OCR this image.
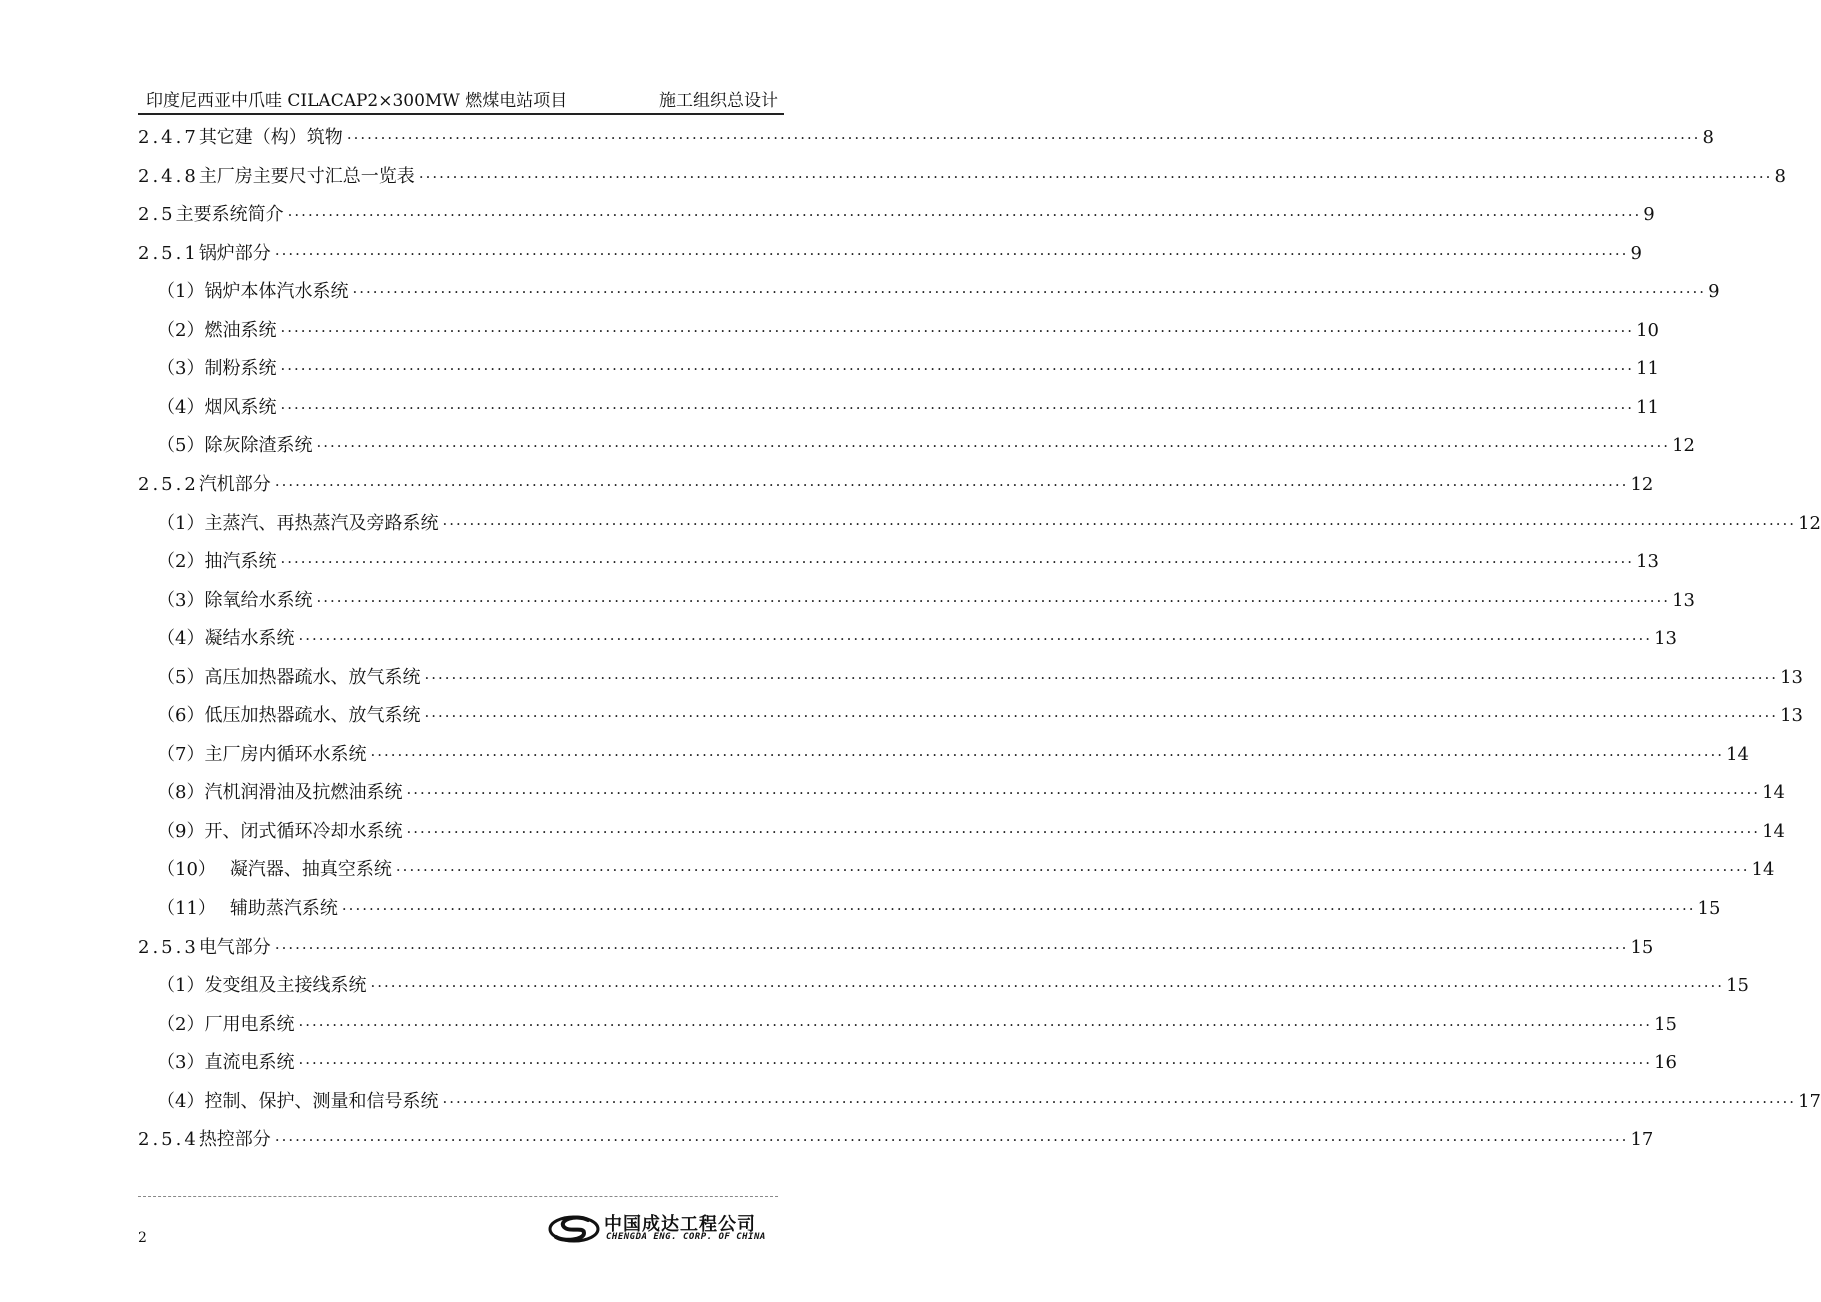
印度尼西亚中爪哇 CILACAP2×300MW 燃煤电站项目	施工组织总设计
2.4.7 其它建（构）筑物 ········································································································································································································ 8
2.4.8 主厂房主要尺寸汇总一览表 ········································································································································································································ 8
2.5 主要系统简介 ········································································································································································································ 9
2.5.1 锅炉部分 ········································································································································································································ 9
（1） 锅炉本体汽水系统 ········································································································································································································ 9
（2） 燃油系统 ········································································································································································································ 10
（3） 制粉系统 ········································································································································································································ 11
（4） 烟风系统 ········································································································································································································ 11
（5） 除灰除渣系统 ········································································································································································································ 12
2.5.2 汽机部分 ········································································································································································································ 12
（1） 主蒸汽、再热蒸汽及旁路系统 ········································································································································································································ 12
（2） 抽汽系统 ········································································································································································································ 13
（3） 除氧给水系统 ········································································································································································································ 13
（4） 凝结水系统 ········································································································································································································ 13
（5） 高压加热器疏水、放气系统 ········································································································································································································ 13
（6） 低压加热器疏水、放气系统 ········································································································································································································ 13
（7） 主厂房内循环水系统 ········································································································································································································ 14
（8） 汽机润滑油及抗燃油系统 ········································································································································································································ 14
（9） 开、闭式循环冷却水系统 ········································································································································································································ 14
（10） 凝汽器、抽真空系统 ········································································································································································································ 14
（11） 辅助蒸汽系统 ········································································································································································································ 15
2.5.3 电气部分 ········································································································································································································ 15
（1） 发变组及主接线系统 ········································································································································································································ 15
（2） 厂用电系统 ········································································································································································································ 15
（3） 直流电系统 ········································································································································································································ 16
（4） 控制、保护、测量和信号系统 ········································································································································································································ 17
2.5.4 热控部分 ········································································································································································································ 17
2
中国成达工程公司
CHENGDA ENG. CORP. OF CHINA
